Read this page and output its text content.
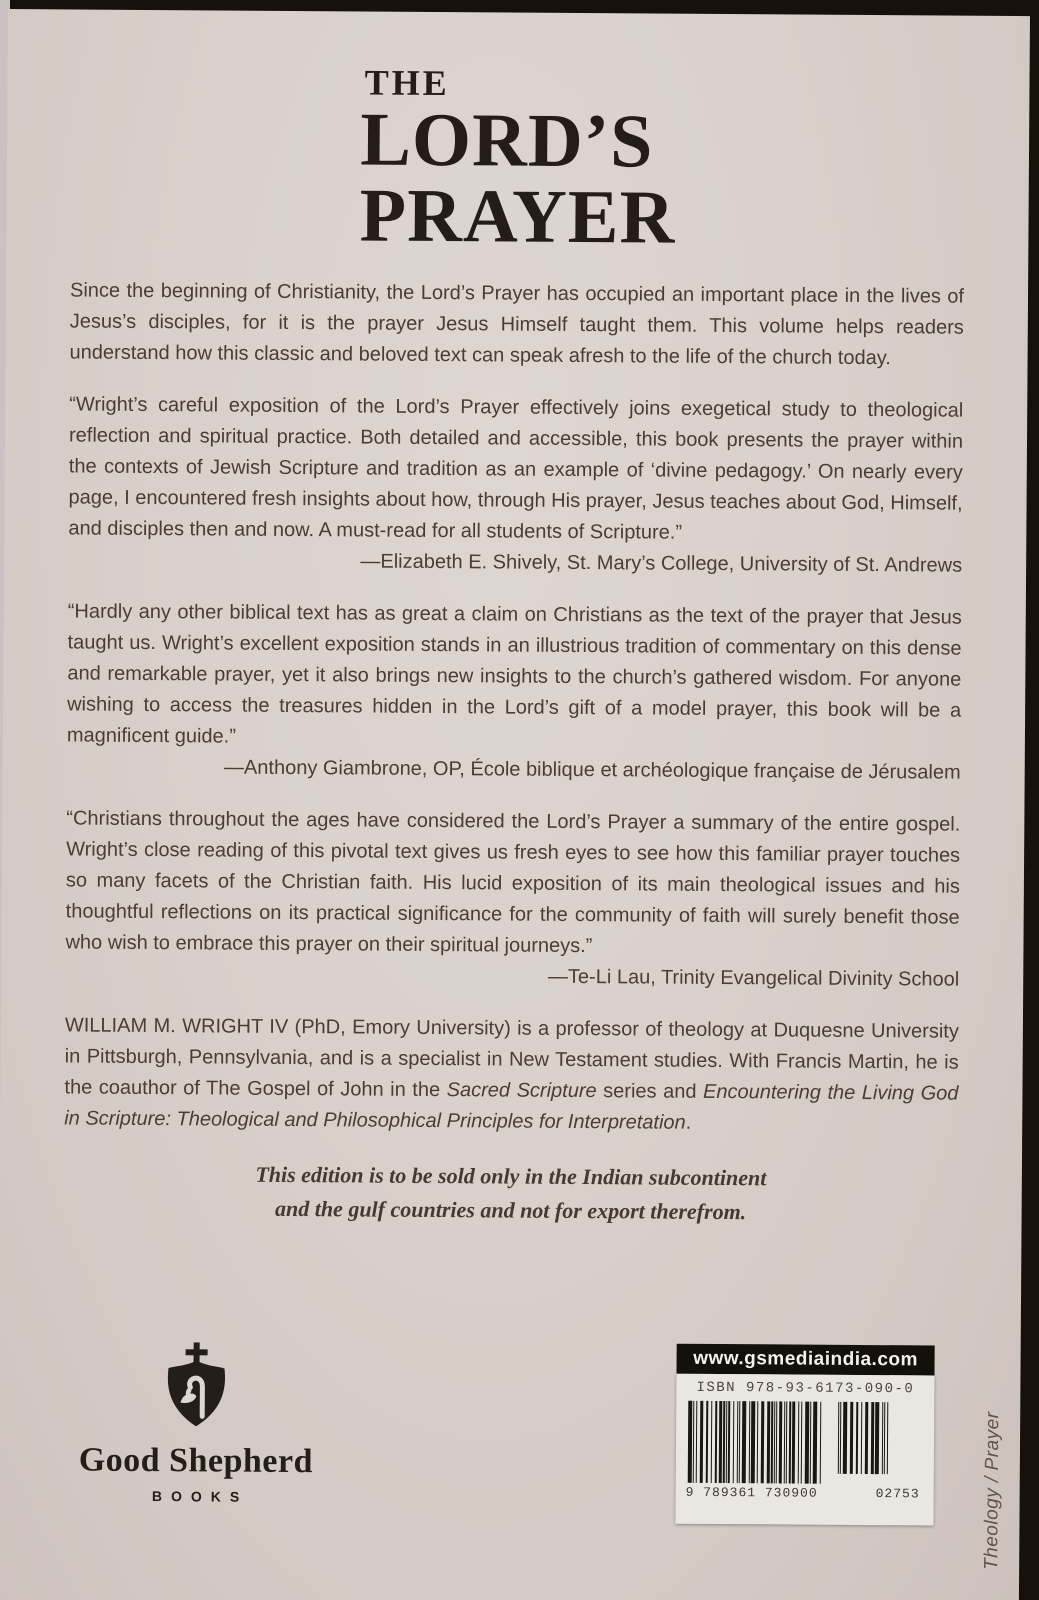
THE
LORD’S
PRAYER

Since the beginning of Christianity, the Lord’s Prayer has occupied an important place in the lives of Jesus’s disciples, for it is the prayer Jesus Himself taught them. This volume helps readers understand how this classic and beloved text can speak afresh to the life of the church today.

“Wright’s careful exposition of the Lord’s Prayer effectively joins exegetical study to theological reflection and spiritual practice. Both detailed and accessible, this book presents the prayer within the contexts of Jewish Scripture and tradition as an example of ‘divine pedagogy.’ On nearly every page, I encountered fresh insights about how, through His prayer, Jesus teaches about God, Himself, and disciples then and now. A must-read for all students of Scripture.”

—Elizabeth E. Shively, St. Mary’s College, University of St. Andrews

“Hardly any other biblical text has as great a claim on Christians as the text of the prayer that Jesus taught us. Wright’s excellent exposition stands in an illustrious tradition of commentary on this dense and remarkable prayer, yet it also brings new insights to the church’s gathered wisdom. For anyone wishing to access the treasures hidden in the Lord’s gift of a model prayer, this book will be a magnificent guide.”

—Anthony Giambrone, OP, École biblique et archéologique française de Jérusalem

“Christians throughout the ages have considered the Lord’s Prayer a summary of the entire gospel. Wright’s close reading of this pivotal text gives us fresh eyes to see how this familiar prayer touches so many facets of the Christian faith. His lucid exposition of its main theological issues and his thoughtful reflections on its practical significance for the community of faith will surely benefit those who wish to embrace this prayer on their spiritual journeys.”

—Te-Li Lau, Trinity Evangelical Divinity School

WILLIAM M. WRIGHT IV (PhD, Emory University) is a professor of theology at Duquesne University in Pittsburgh, Pennsylvania, and is a specialist in New Testament studies. With Francis Martin, he is the coauthor of The Gospel of John in the Sacred Scripture series and Encountering the Living God in Scripture: Theological and Philosophical Principles for Interpretation.

This edition is to be sold only in the Indian subcontinent
and the gulf countries and not for export therefrom.
Good Shepherd
BOOKS
www.gsmediaindia.com
ISBN 978-93-6173-090-0
9 789361 730900	02753	Theology / Prayer
